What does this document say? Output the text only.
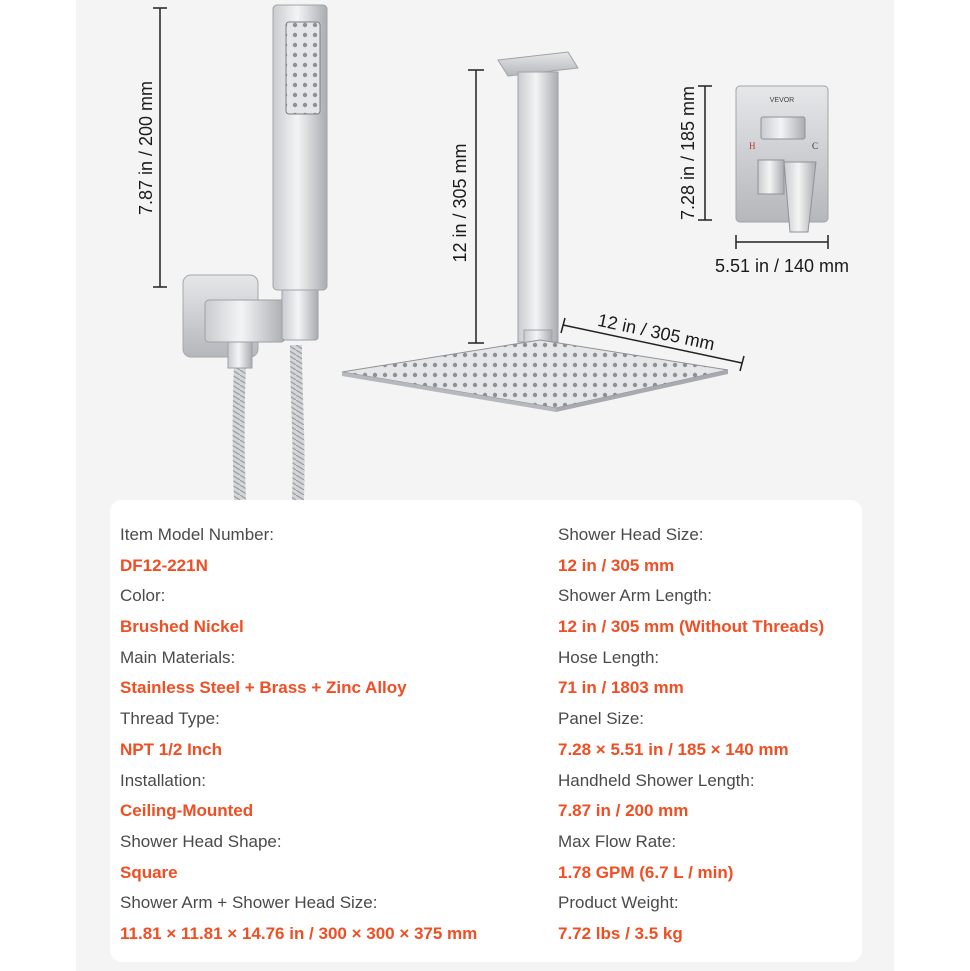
7.87 in / 200 mm	12 in / 305 mm
12 in / 305 mm
VEVOR
H	C
7.28 in / 185 mm
5.51 in / 140 mm
Item Model Number:
DF12-221N
Color:
Brushed Nickel
Main Materials:
Stainless Steel + Brass + Zinc Alloy
Thread Type:
NPT 1/2 Inch
Installation:
Ceiling-Mounted
Shower Head Shape:
Square
Shower Arm + Shower Head Size:
11.81 × 11.81 × 14.76 in / 300 × 300 × 375 mm
Shower Head Size:
12 in / 305 mm
Shower Arm Length:
12 in / 305 mm (Without Threads)
Hose Length:
71 in / 1803 mm
Panel Size:
7.28 × 5.51 in / 185 × 140 mm
Handheld Shower Length:
7.87 in / 200 mm
Max Flow Rate:
1.78 GPM (6.7 L / min)
Product Weight:
7.72 lbs / 3.5 kg
